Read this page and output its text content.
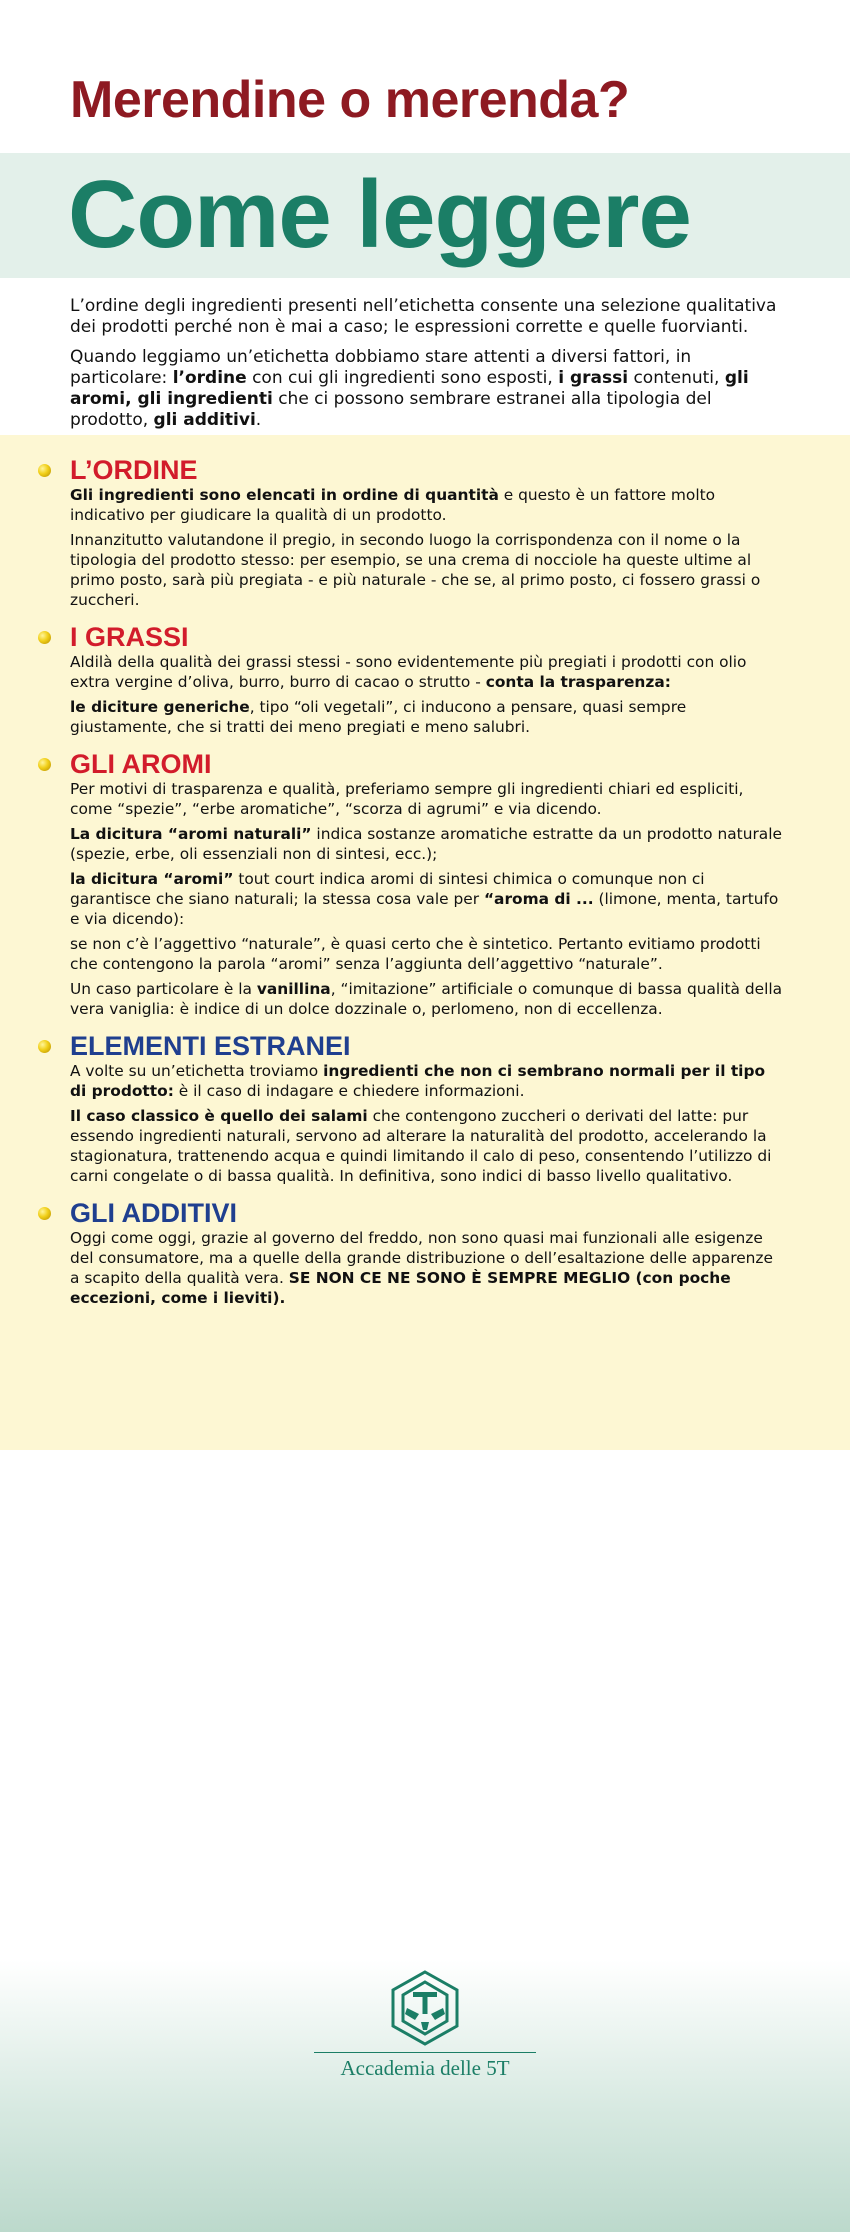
Merendine o merenda?
Come leggere

L’ordine degli ingredienti presenti nell’etichetta consente una selezione qualitativa dei prodotti perché non è mai a caso; le espressioni corrette e quelle fuorvianti.

Quando leggiamo un’etichetta dobbiamo stare attenti a diversi fattori, in particolare: l’ordine con cui gli ingredienti sono esposti, i grassi contenuti, gli aromi, gli ingredienti che ci possono sembrare estranei alla tipologia del prodotto, gli additivi.

L’ORDINE

Gli ingredienti sono elencati in ordine di quantità e questo è un fattore molto indicativo per giudicare la qualità di un prodotto.

Innanzitutto valutandone il pregio, in secondo luogo la corrispondenza con il nome o la tipologia del prodotto stesso: per esempio, se una crema di nocciole ha queste ultime al primo posto, sarà più pregiata - e più naturale - che se, al primo posto, ci fossero grassi o zuccheri.

I GRASSI

Aldilà della qualità dei grassi stessi - sono evidentemente più pregiati i prodotti con olio extra vergine d’oliva, burro, burro di cacao o strutto - conta la trasparenza:

le diciture generiche, tipo “oli vegetali”, ci inducono a pensare, quasi sempre giustamente, che si tratti dei meno pregiati e meno salubri.

GLI AROMI

Per motivi di trasparenza e qualità, preferiamo sempre gli ingredienti chiari ed espliciti, come “spezie”, “erbe aromatiche”, “scorza di agrumi” e via dicendo.

La dicitura “aromi naturali” indica sostanze aromatiche estratte da un prodotto naturale (spezie, erbe, oli essenziali non di sintesi, ecc.);

la dicitura “aromi” tout court indica aromi di sintesi chimica o comunque non ci garantisce che siano naturali; la stessa cosa vale per “aroma di ... (limone, menta, tartufo e via dicendo):

se non c’è l’aggettivo “naturale”, è quasi certo che è sintetico. Pertanto evitiamo prodotti che contengono la parola “aromi” senza l’aggiunta dell’aggettivo “naturale”.

Un caso particolare è la vanillina, “imitazione” artificiale o comunque di bassa qualità della vera vaniglia: è indice di un dolce dozzinale o, perlomeno, non di eccellenza.

ELEMENTI ESTRANEI

A volte su un’etichetta troviamo ingredienti che non ci sembrano normali per il tipo di prodotto: è il caso di indagare e chiedere informazioni.

Il caso classico è quello dei salami che contengono zuccheri o derivati del latte: pur essendo ingredienti naturali, servono ad alterare la naturalità del prodotto, accelerando la stagionatura, trattenendo acqua e quindi limitando il calo di peso, consentendo l’utilizzo di carni congelate o di bassa qualità. In definitiva, sono indici di basso livello qualitativo.

GLI ADDITIVI

Oggi come oggi, grazie al governo del freddo, non sono quasi mai funzionali alle esigenze del consumatore, ma a quelle della grande distribuzione o dell’esaltazione delle apparenze a scapito della qualità vera. SE NON CE NE SONO È SEMPRE MEGLIO (con poche eccezioni, come i lieviti).

Accademia delle 5T
